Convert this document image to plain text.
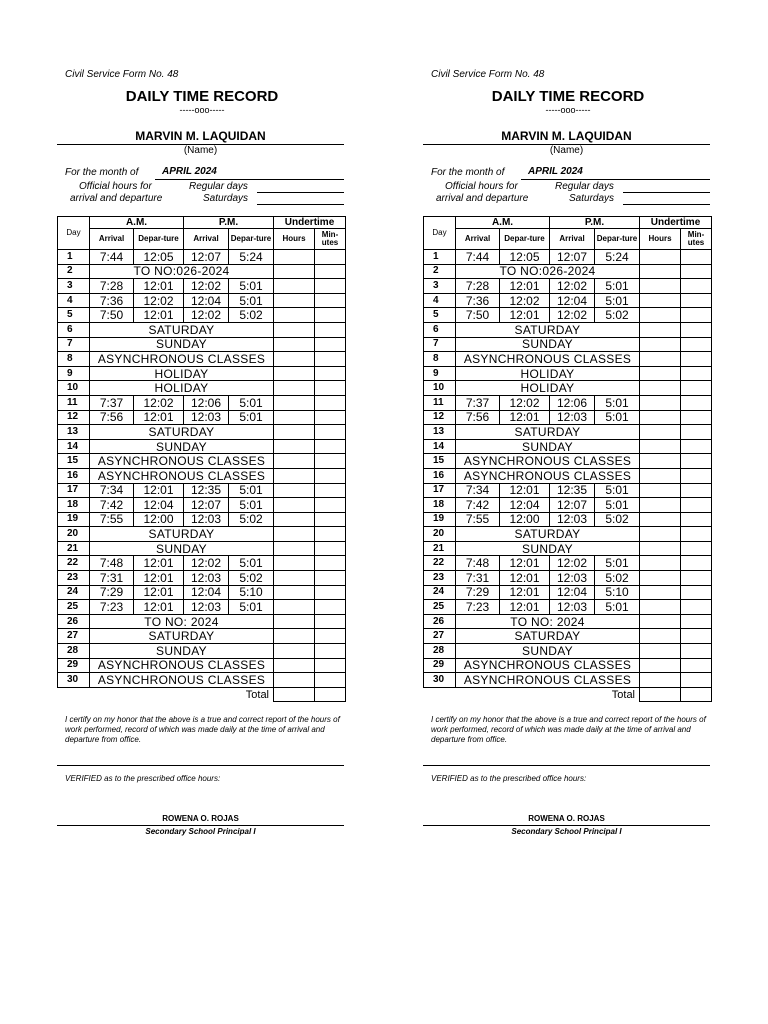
Civil Service Form No. 48
DAILY TIME RECORD
-----ooo-----
MARVIN M. LAQUIDAN
(Name)
For the month of	APRIL 2024
Official hours for
arrival and departure
Regular days
Saturdays
Day	A.M.		P.M.		Undertime	
	Arrival	Depar-ture	Arrival	Depar-ture	Hours	Min-utes
1	7:44	12:05	12:07	5:24		
2	TO NO:026-2024					
3	7:28	12:01	12:02	5:01		
4	7:36	12:02	12:04	5:01		
5	7:50	12:01	12:02	5:02		
6	SATURDAY					
7	SUNDAY					
8	ASYNCHRONOUS CLASSES					
9	HOLIDAY					
10	HOLIDAY					
11	7:37	12:02	12:06	5:01		
12	7:56	12:01	12:03	5:01		
13	SATURDAY					
14	SUNDAY					
15	ASYNCHRONOUS CLASSES					
16	ASYNCHRONOUS CLASSES					
17	7:34	12:01	12:35	5:01		
18	7:42	12:04	12:07	5:01		
19	7:55	12:00	12:03	5:02		
20	SATURDAY					
21	SUNDAY					
22	7:48	12:01	12:02	5:01		
23	7:31	12:01	12:03	5:02		
24	7:29	12:01	12:04	5:10		
25	7:23	12:01	12:03	5:01		
26	TO NO: 2024					
27	SATURDAY					
28	SUNDAY					
29	ASYNCHRONOUS CLASSES					
30	ASYNCHRONOUS CLASSES					
Total						
I certify on my honor that the above is a true and correct report of the hours of work performed, record of which was made daily at the time of arrival and departure from office.
VERIFIED as to the prescribed office hours:
ROWENA O. ROJAS
Secondary School Principal I
Civil Service Form No. 48
DAILY TIME RECORD
-----ooo-----
MARVIN M. LAQUIDAN
(Name)
For the month of	APRIL 2024
Official hours for
arrival and departure
Regular days
Saturdays
Day	A.M.		P.M.		Undertime	
	Arrival	Depar-ture	Arrival	Depar-ture	Hours	Min-utes
1	7:44	12:05	12:07	5:24		
2	TO NO:026-2024					
3	7:28	12:01	12:02	5:01		
4	7:36	12:02	12:04	5:01		
5	7:50	12:01	12:02	5:02		
6	SATURDAY					
7	SUNDAY					
8	ASYNCHRONOUS CLASSES					
9	HOLIDAY					
10	HOLIDAY					
11	7:37	12:02	12:06	5:01		
12	7:56	12:01	12:03	5:01		
13	SATURDAY					
14	SUNDAY					
15	ASYNCHRONOUS CLASSES					
16	ASYNCHRONOUS CLASSES					
17	7:34	12:01	12:35	5:01		
18	7:42	12:04	12:07	5:01		
19	7:55	12:00	12:03	5:02		
20	SATURDAY					
21	SUNDAY					
22	7:48	12:01	12:02	5:01		
23	7:31	12:01	12:03	5:02		
24	7:29	12:01	12:04	5:10		
25	7:23	12:01	12:03	5:01		
26	TO NO: 2024					
27	SATURDAY					
28	SUNDAY					
29	ASYNCHRONOUS CLASSES					
30	ASYNCHRONOUS CLASSES					
Total						
I certify on my honor that the above is a true and correct report of the hours of work performed, record of which was made daily at the time of arrival and departure from office.
VERIFIED as to the prescribed office hours:
ROWENA O. ROJAS
Secondary School Principal I
